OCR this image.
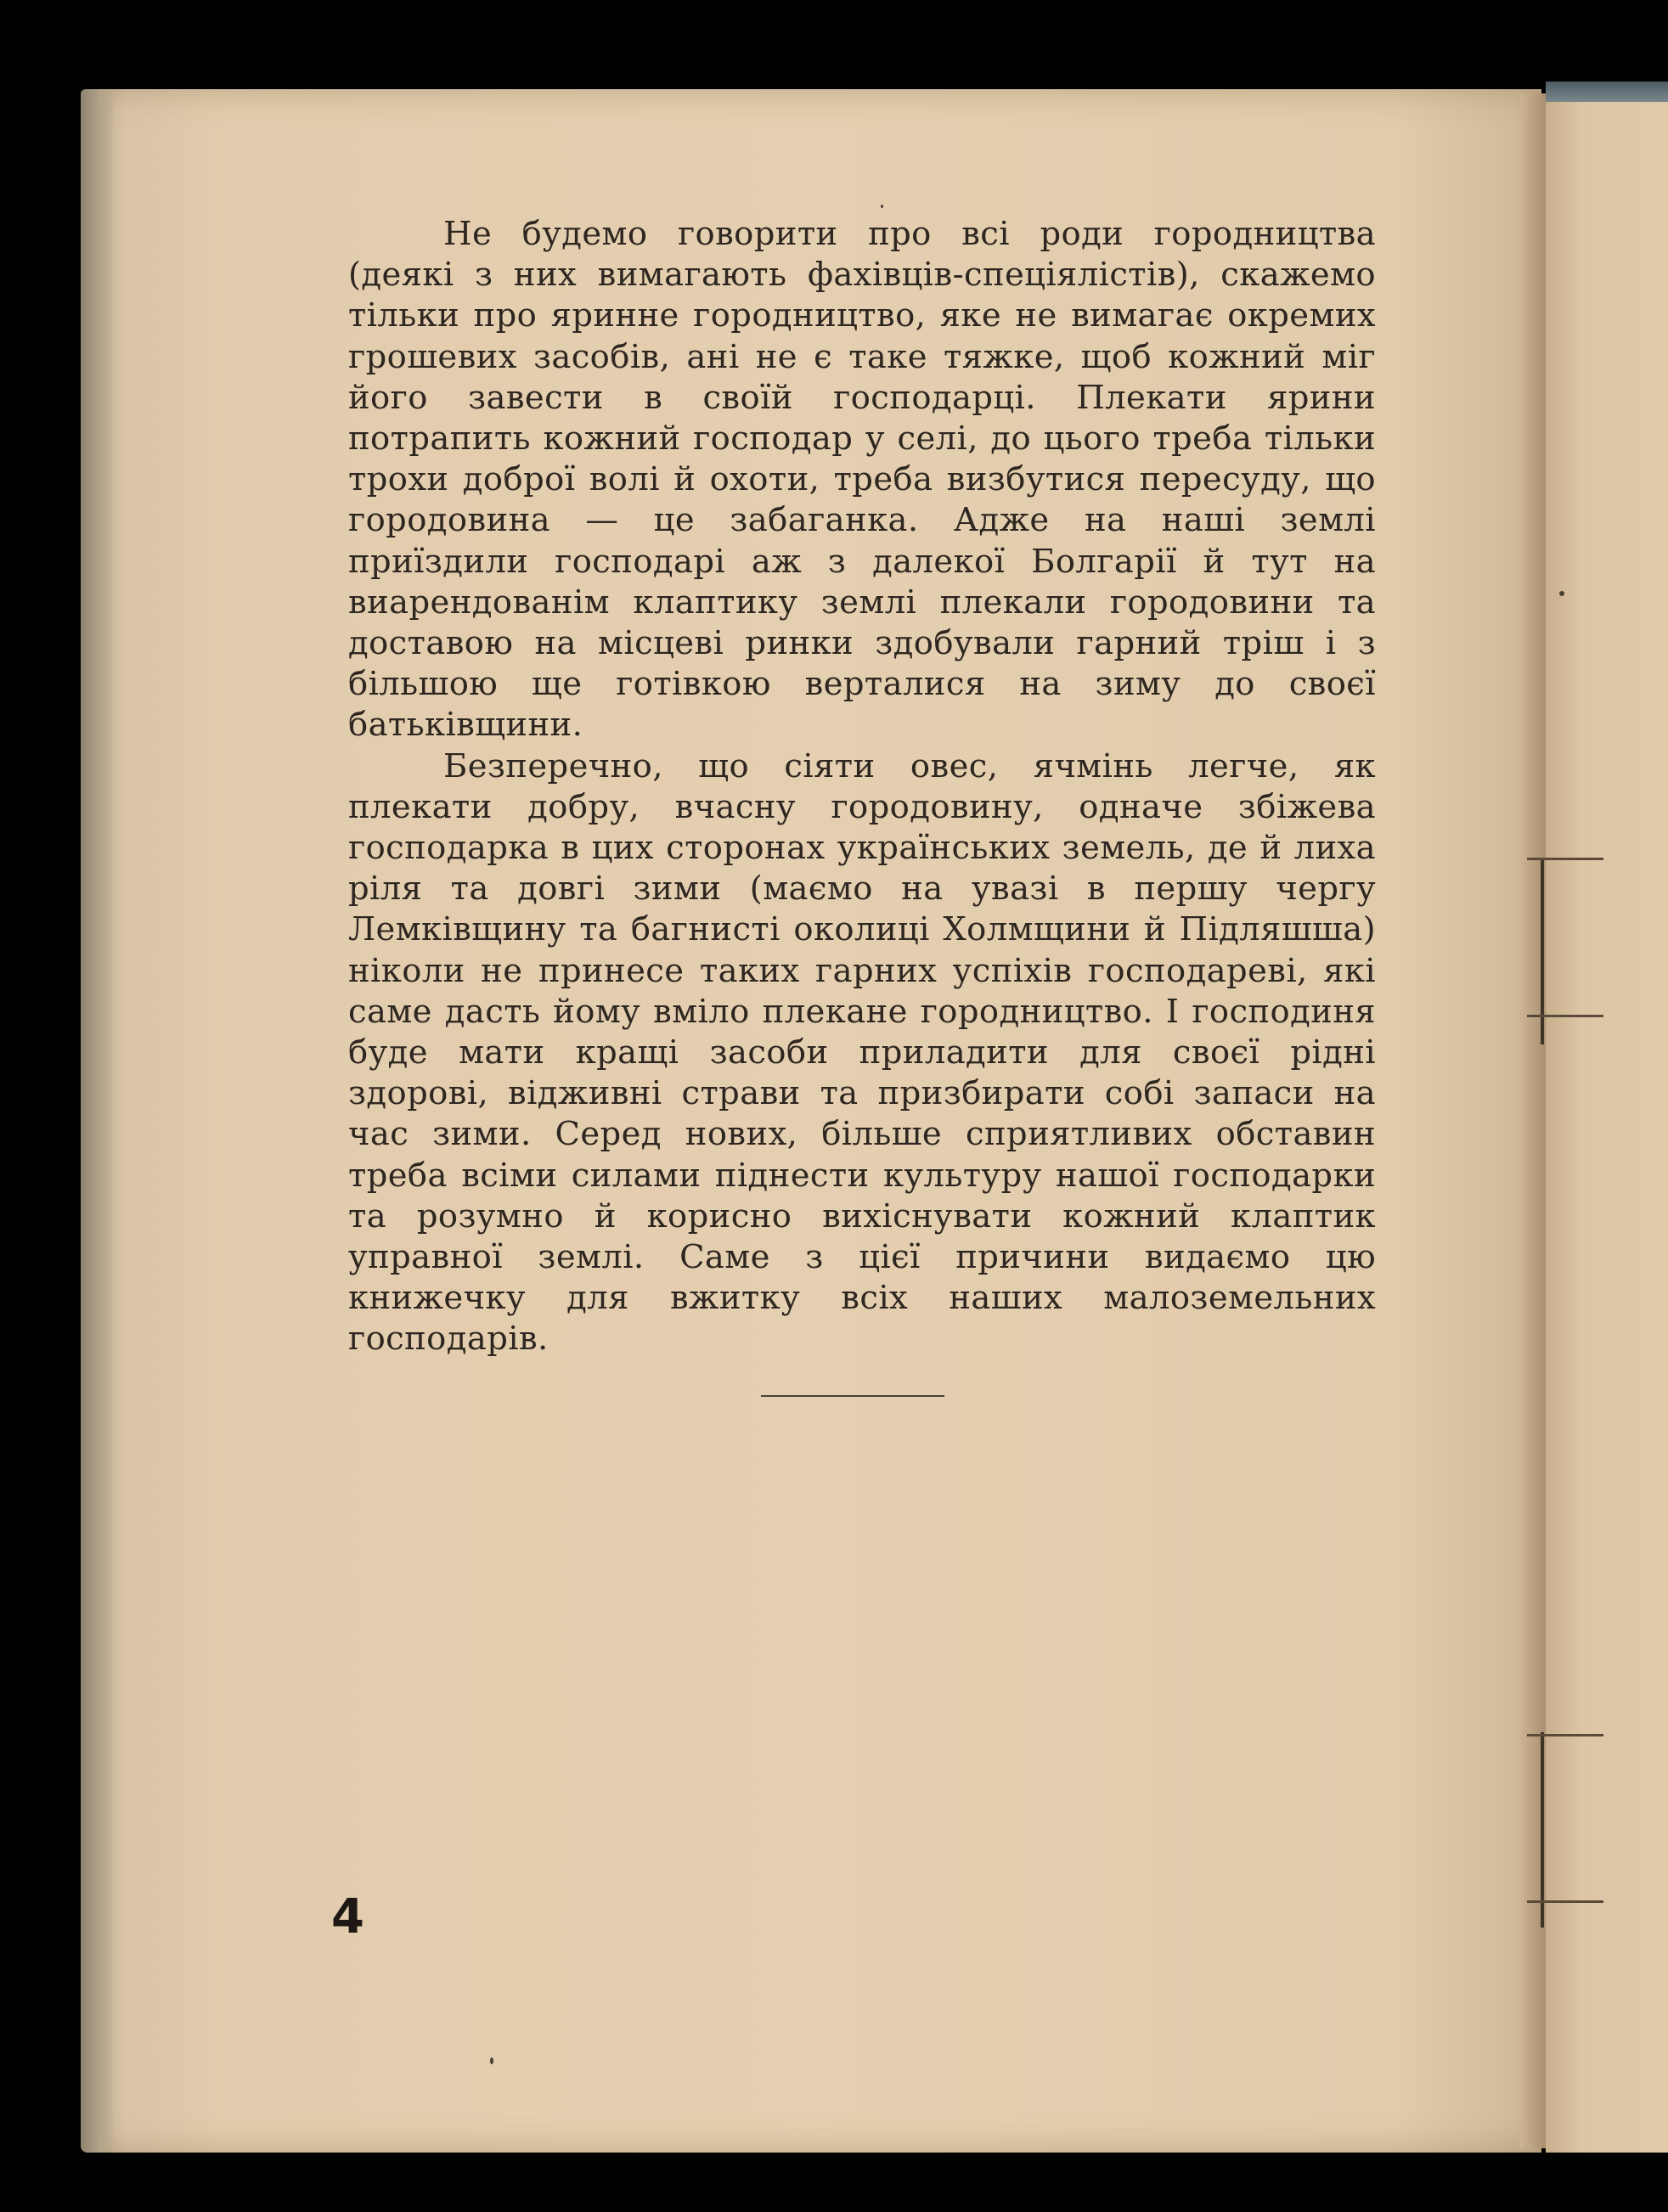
Не будемо говорити про всі роди городництва (деякі з них вимагають фахівців-спеціялістів), скажемо тільки про яринне городництво, яке не вимагає окремих грошевих засобів, ані не є таке тяжке, щоб кожний міг його завести в своїй господарці. Плекати ярини потрапить кожний господар у селі, до цього треба тільки трохи доброї волі й охоти, треба визбутися пересуду, що городовина — це забаганка. Адже на наші землі приїздили господарі аж з далекої Болгарії й тут на виарендованім клаптику землі плекали городовини та доставою на місцеві ринки здобували гарний тріш і з більшою ще готівкою верталися на зиму до своєї батьківщини.

Безперечно, що сіяти овес, ячмінь легче, як плекати добру, вчасну городовину, одначе збіжева господарка в цих сторонах українських земель, де й лиха ріля та довгі зими (маємо на увазі в першу чергу Лемківщину та багнисті околиці Холмщини й Підляшша) ніколи не принесе таких гарних успіхів господареві, які саме дасть йому вміло плекане городництво. І господиня буде мати кращі засоби приладити для своєї рідні здорові, відживні страви та призбирати собі запаси на час зими. Серед нових, більше сприятливих обставин треба всіми силами піднести культуру нашої господарки та розумно й корисно вихіснувати кожний клаптик управної землі. Саме з цієї причини видаємо цю книжечку для вжитку всіх наших малоземельних господарів.

4
